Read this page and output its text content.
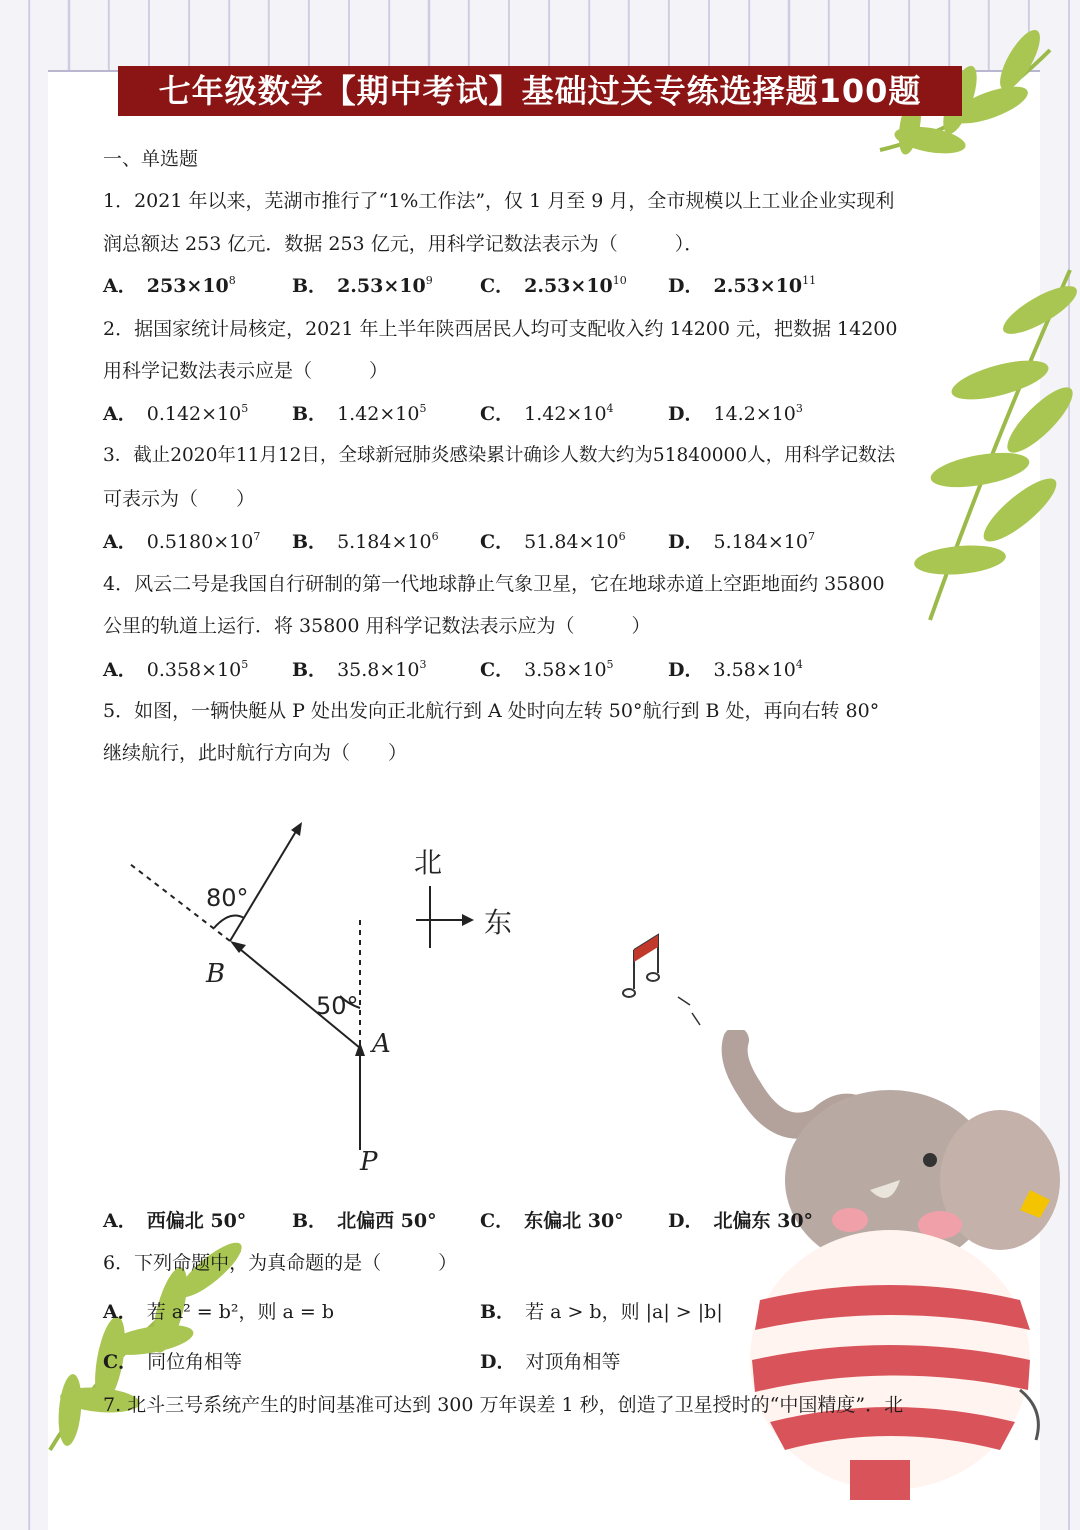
七年级数学【期中考试】基础过关专练选择题100题
一、单选题
1．2021 年以来，芜湖市推行了“1%工作法”，仅 1 月至 9 月，全市规模以上工业企业实现利
润总额达 253 亿元．数据 253 亿元，用科学记数法表示为（　　　）．
A． $253\times 10^8$	B． $2.53\times 10^9$ C． $2.53\times 10^{10}$ D． $2.53\times 10^{11}$
2．据国家统计局核定，2021 年上半年陕西居民人均可支配收入约 14200 元，把数据 14200
用科学记数法表示应是（　　　）
A． $0.142\times 10^5$ B． $1.42\times 10^5$	C． $1.42\times 10^4$	D． $14.2\times 10^3$
3．截止2020年11月12日，全球新冠肺炎感染累计确诊人数大约为51840000人，用科学记数法
可表示为（　　）
A． $0.5180\times 10^7$ B． $5.184\times 10^6$ C． $51.84\times 10^6$ D． $5.184\times 10^7$
4．风云二号是我国自行研制的第一代地球静止气象卫星，它在地球赤道上空距地面约 35800
公里的轨道上运行．将 35800 用科学记数法表示应为（　　　）
A． $0.358\times 10^5$ B． $35.8\times 10^3$	C． $3.58\times 10^5$	D． $3.58\times 10^4$
5．如图，一辆快艇从 P 处出发向正北航行到 A 处时向左转 50°航行到 B 处，再向右转 80°
继续航行，此时航行方向为（　　）
80°
50°
B
A
P
北
东
A． 西偏北 50° B． 北偏西 50° C． 东偏北 30° D． 北偏东 30°
6．下列命题中，为真命题的是（　　　）
A． 若 a² = b²，则 a = b	B． 若 a > b，则 |a| > |b|
C． 同位角相等	D． 对顶角相等
7. 北斗三号系统产生的时间基准可达到 300 万年误差 1 秒，创造了卫星授时的“中国精度”．北
